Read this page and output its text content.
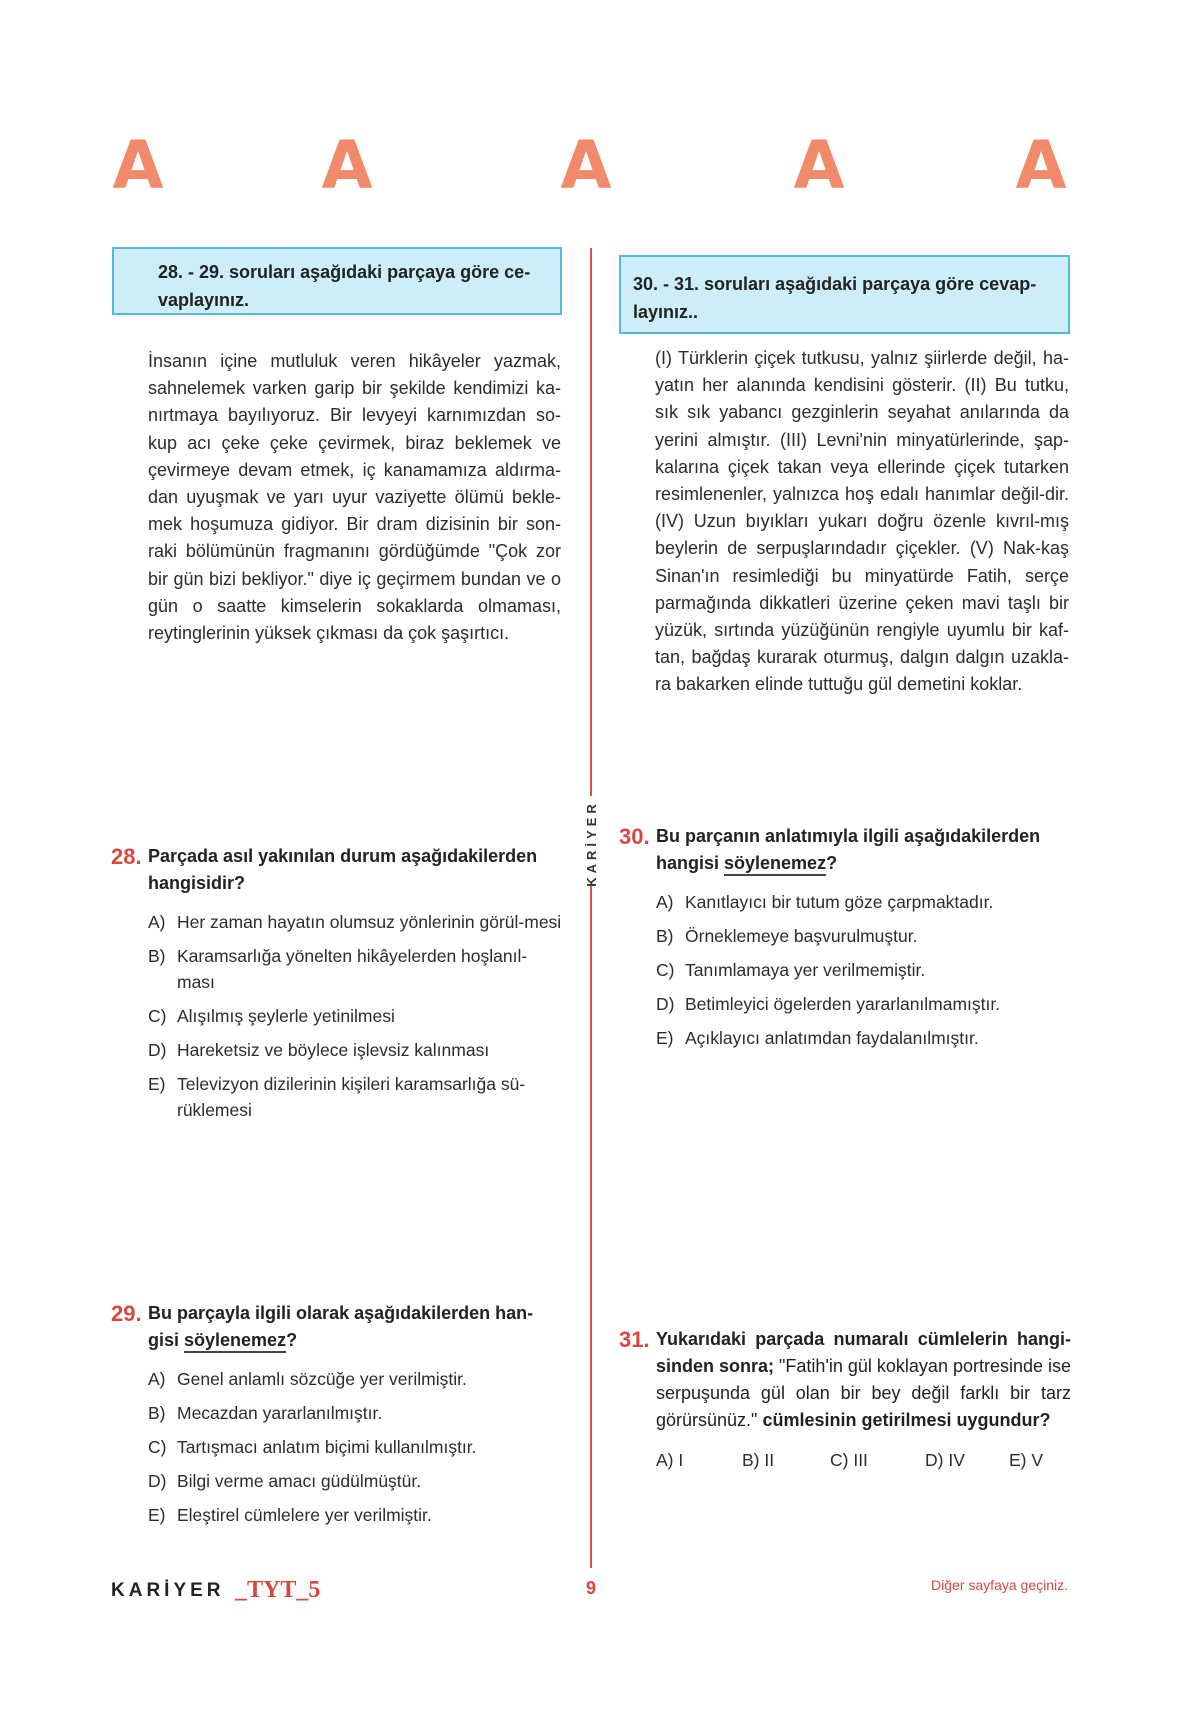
A A	A	A	A
KARİYER
28. - 29. soruları aşağıdaki parçaya göre ce-
vaplayınız.
30. - 31. soruları aşağıdaki parçaya göre cevap-
layınız..
İnsanın içine mutluluk veren hikâyeler yazmak, sahnelemek varken garip bir şekilde kendimizi ka-nırtmaya bayılıyoruz. Bir levyeyi karnımızdan so-kup acı çeke çeke çevirmek, biraz beklemek ve çevirmeye devam etmek, iç kanamamıza aldırma-dan uyuşmak ve yarı uyur vaziyette ölümü bekle-mek hoşumuza gidiyor. Bir dram dizisinin bir son-raki bölümünün fragmanını gördüğümde "Çok zor bir gün bizi bekliyor." diye iç geçirmem bundan ve o gün o saatte kimselerin sokaklarda olmaması, reytinglerinin yüksek çıkması da çok şaşırtıcı.
(I) Türklerin çiçek tutkusu, yalnız şiirlerde değil, ha-yatın her alanında kendisini gösterir. (II) Bu tutku, sık sık yabancı gezginlerin seyahat anılarında da yerini almıştır. (III) Levni'nin minyatürlerinde, şap-kalarına çiçek takan veya ellerinde çiçek tutarken resimlenenler, yalnızca hoş edalı hanımlar değil-dir. (IV) Uzun bıyıkları yukarı doğru özenle kıvrıl-mış beylerin de serpuşlarındadır çiçekler. (V) Nak-kaş Sinan'ın resimlediği bu minyatürde Fatih, serçe parmağında dikkatleri üzerine çeken mavi taşlı bir yüzük, sırtında yüzüğünün rengiyle uyumlu bir kaf-tan, bağdaş kurarak oturmuş, dalgın dalgın uzakla-ra bakarken elinde tuttuğu gül demetini koklar.
28. Parçada asıl yakınılan durum aşağıdakilerden
hangisidir?
A) Her zaman hayatın olumsuz yönlerinin görül-mesi
B) Karamsarlığa yönelten hikâyelerden hoşlanıl-ması
C) Alışılmış şeylerle yetinilmesi
D) Hareketsiz ve böylece işlevsiz kalınması
E) Televizyon dizilerinin kişileri karamsarlığa sü-rüklemesi
29. Bu parçayla ilgili olarak aşağıdakilerden han-
gisi söylenemez?
A) Genel anlamlı sözcüğe yer verilmiştir.
B) Mecazdan yararlanılmıştır.
C) Tartışmacı anlatım biçimi kullanılmıştır.
D) Bilgi verme amacı güdülmüştür.
E) Eleştirel cümlelere yer verilmiştir.
30. Bu parçanın anlatımıyla ilgili aşağıdakilerden
hangisi söylenemez?
A) Kanıtlayıcı bir tutum göze çarpmaktadır.
B) Örneklemeye başvurulmuştur.
C) Tanımlamaya yer verilmemiştir.
D) Betimleyici ögelerden yararlanılmamıştır.
E) Açıklayıcı anlatımdan faydalanılmıştır.
31. Yukarıdaki parçada numaralı cümlelerin hangi-sinden sonra; "Fatih'in gül koklayan portresinde ise serpuşunda gül olan bir bey değil farklı bir tarz görürsünüz." cümlesinin getirilmesi uygundur?
A) I	B) II	C) III	D) IV	E) V
KARİYER _TYT_5	9	Diğer sayfaya geçiniz.
